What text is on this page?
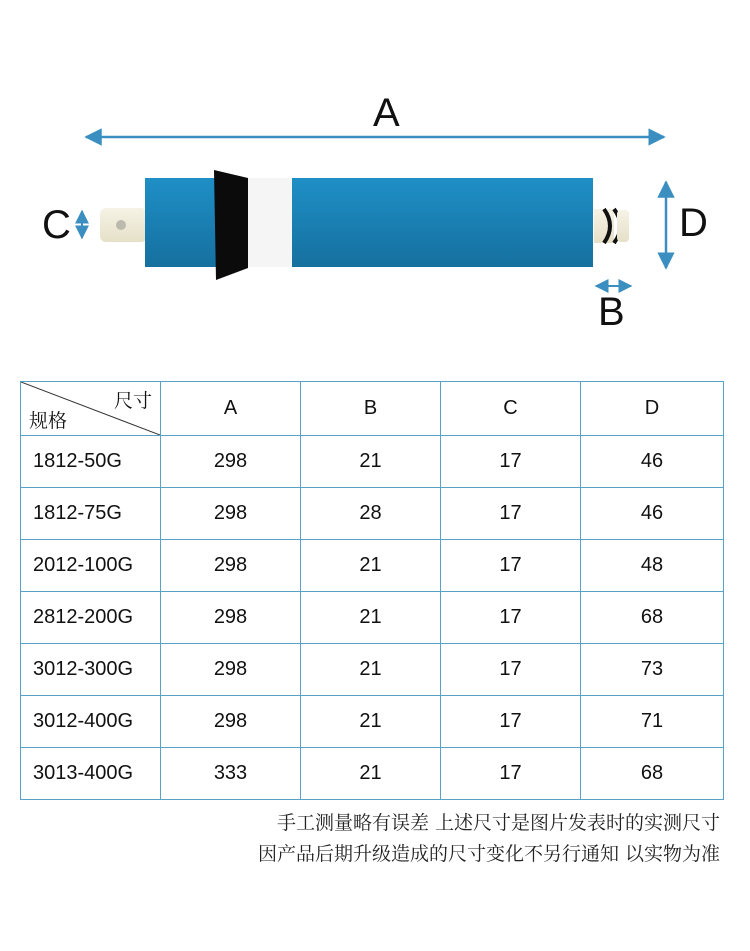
A
C	D
B
尺寸
规格	A	B	C	D
1812-50G	298	21	17	46
1812-75G	298	28	17	46
2012-100G	298	21	17	48
2812-200G	298	21	17	68
3012-300G	298	21	17	73
3012-400G	298	21	17	71
3013-400G	333	21	17	68
手工测量略有误差 上述尺寸是图片发表时的实测尺寸
因产品后期升级造成的尺寸变化不另行通知 以实物为准
